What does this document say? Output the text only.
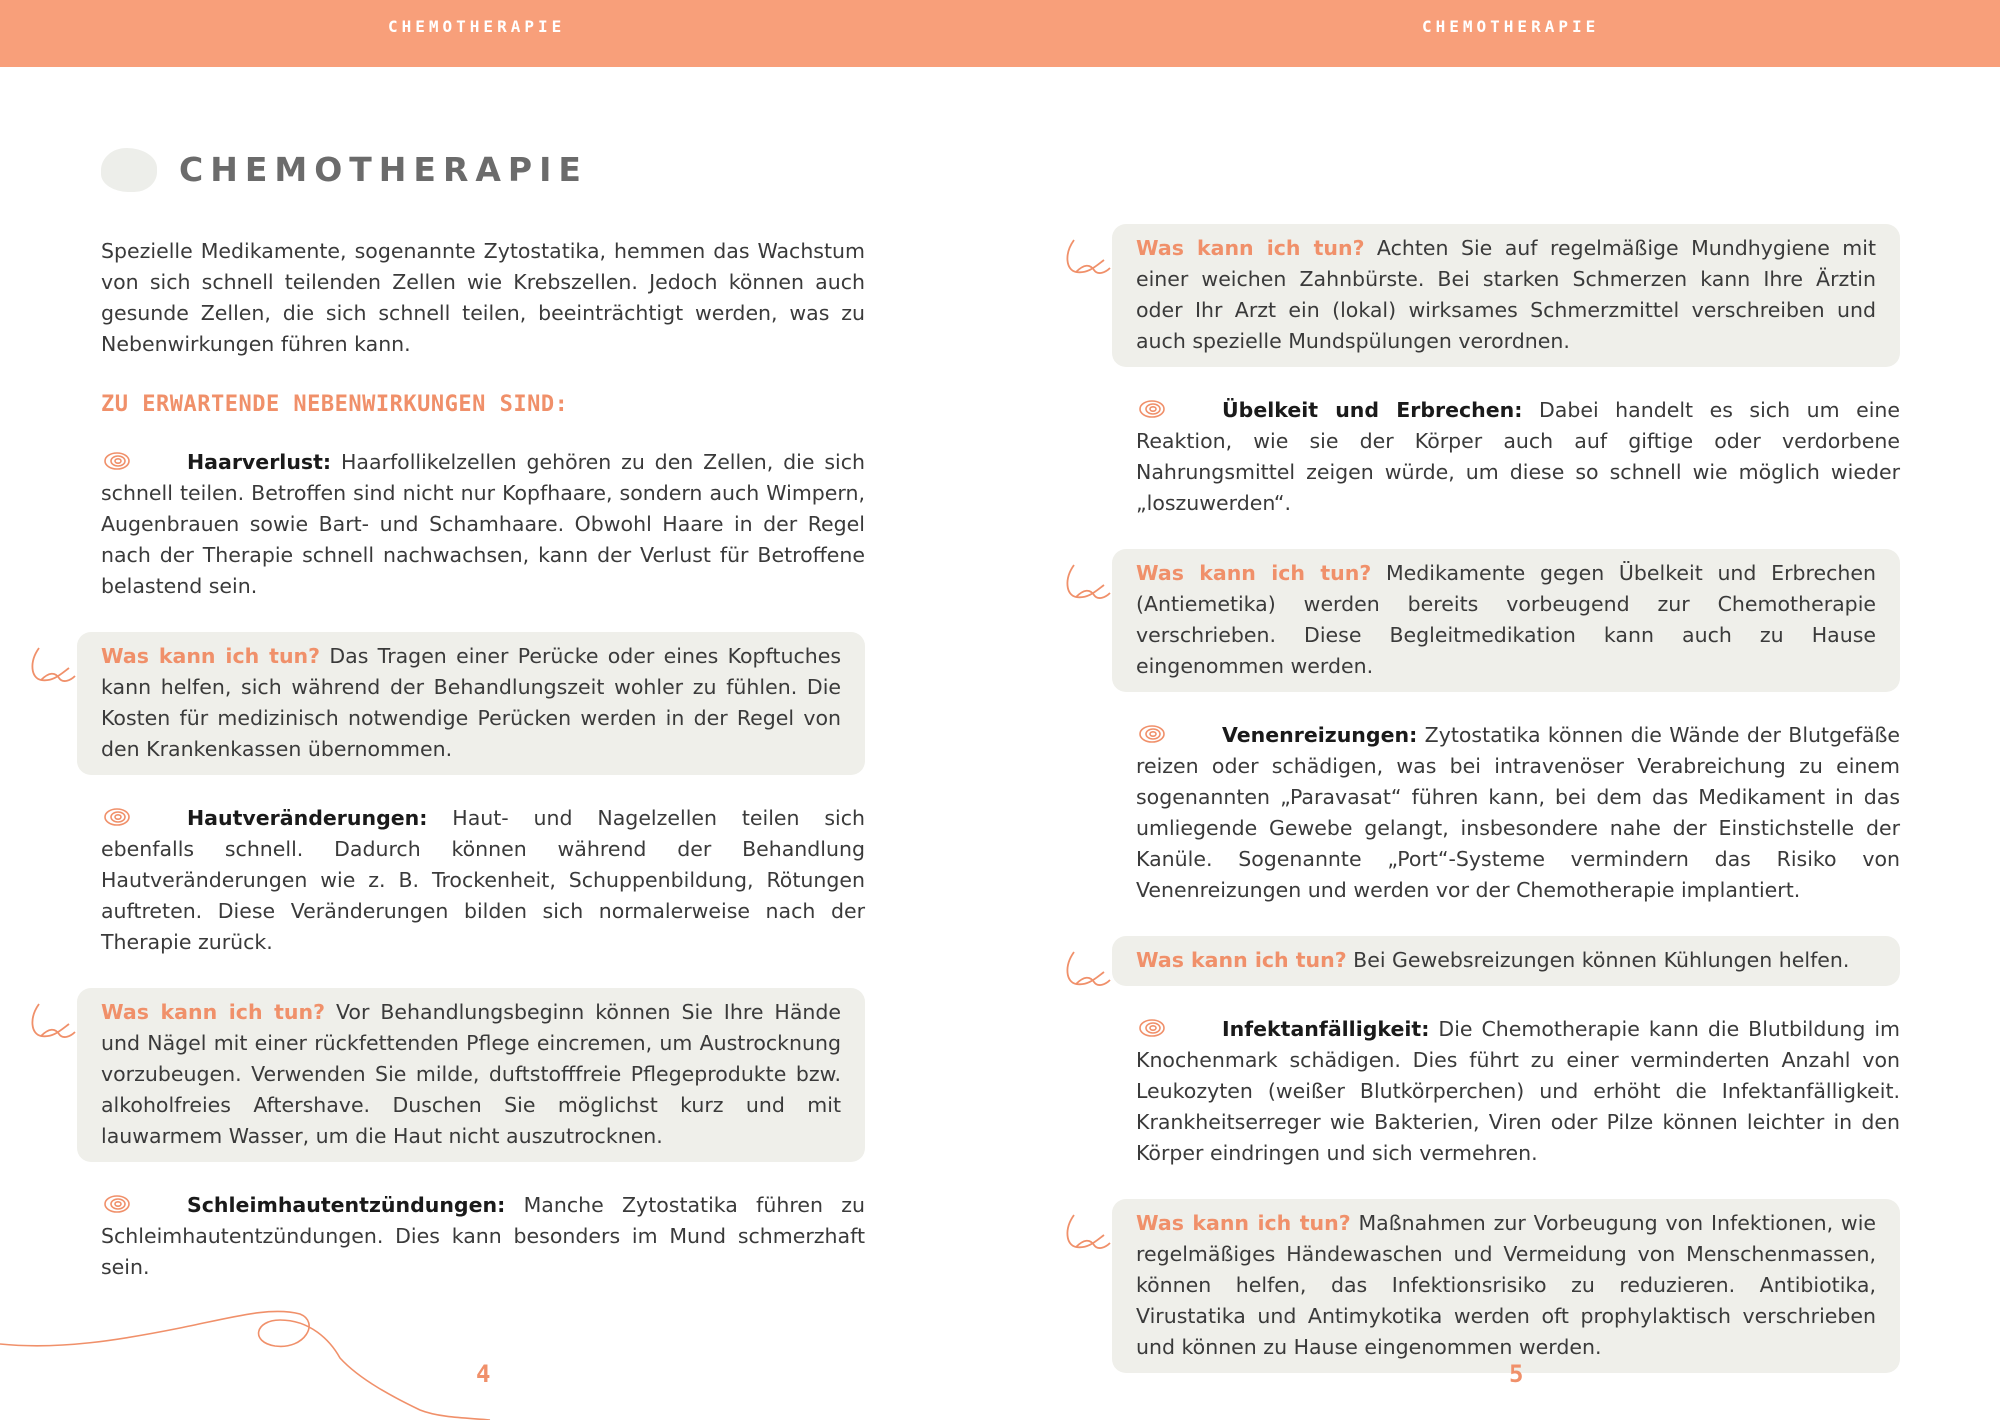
CHEMOTHERAPIE	CHEMOTHERAPIE
CHEMOTHERAPIE

Spezielle Medikamente, sogenannte Zytostatika, hemmen das Wachstum von sich schnell teilenden Zellen wie Krebszellen. Jedoch können auch gesunde Zellen, die sich schnell teilen, beeinträchtigt werden, was zu Nebenwirkungen führen kann.

ZU ERWARTENDE NEBENWIRKUNGEN SIND:

Haarverlust: Haarfollikelzellen gehören zu den Zellen, die sich schnell teilen. Betroffen sind nicht nur Kopfhaare, sondern auch Wimpern, Augenbrauen sowie Bart- und Schamhaare. Obwohl Haare in der Regel nach der Therapie schnell nachwachsen, kann der Verlust für Betroffene belastend sein.

Was kann ich tun? Das Tragen einer Perücke oder eines Kopftuches kann helfen, sich während der Behandlungszeit wohler zu fühlen. Die Kosten für medizinisch notwendige Perücken werden in der Regel von den Krankenkassen übernommen.

Hautveränderungen: Haut- und Nagelzellen teilen sich ebenfalls schnell. Dadurch können während der Behandlung Hautveränderungen wie z. B. Trockenheit, Schuppenbildung, Rötungen auftreten. Diese Veränderungen bilden sich normalerweise nach der Therapie zurück.

Was kann ich tun? Vor Behandlungsbeginn können Sie Ihre Hände und Nägel mit einer rückfettenden Pflege eincremen, um Austrocknung vorzubeugen. Verwenden Sie milde, duftstofffreie Pflegeprodukte bzw. alkoholfreies Aftershave. Duschen Sie möglichst kurz und mit lauwarmem Wasser, um die Haut nicht auszutrocknen.

Schleimhautentzündungen: Manche Zytostatika führen zu Schleimhautentzündungen. Dies kann besonders im Mund schmerzhaft sein.

Was kann ich tun? Achten Sie auf regelmäßige Mundhygiene mit einer weichen Zahnbürste. Bei starken Schmerzen kann Ihre Ärztin oder Ihr Arzt ein (lokal) wirksames Schmerzmittel verschreiben und auch spezielle Mundspülungen verordnen.

Übelkeit und Erbrechen: Dabei handelt es sich um eine Reaktion, wie sie der Körper auch auf giftige oder verdorbene Nahrungsmittel zeigen würde, um diese so schnell wie möglich wieder „loszuwerden“.

Was kann ich tun? Medikamente gegen Übelkeit und Erbrechen (Antiemetika) werden bereits vorbeugend zur Chemotherapie verschrieben. Diese Begleitmedikation kann auch zu Hause eingenommen werden.

Venenreizungen: Zytostatika können die Wände der Blutgefäße reizen oder schädigen, was bei intravenöser Verabreichung zu einem sogenannten „Paravasat“ führen kann, bei dem das Medikament in das umliegende Gewebe gelangt, insbesondere nahe der Einstichstelle der Kanüle. Sogenannte „Port“-Systeme vermindern das Risiko von Venenreizungen und werden vor der Chemotherapie implantiert.

Was kann ich tun? Bei Gewebsreizungen können Kühlungen helfen.

Infektanfälligkeit: Die Chemotherapie kann die Blutbildung im Knochenmark schädigen. Dies führt zu einer verminderten Anzahl von Leukozyten (weißer Blutkörperchen) und erhöht die Infektanfälligkeit. Krankheitserreger wie Bakterien, Viren oder Pilze können leichter in den Körper eindringen und sich vermehren.

Was kann ich tun? Maßnahmen zur Vorbeugung von Infektionen, wie regelmäßiges Händewaschen und Vermeidung von Menschenmassen, können helfen, das Infektionsrisiko zu reduzieren. Antibiotika, Virustatika und Antimykotika werden oft prophylaktisch verschrieben und können zu Hause eingenommen werden.

4	5
